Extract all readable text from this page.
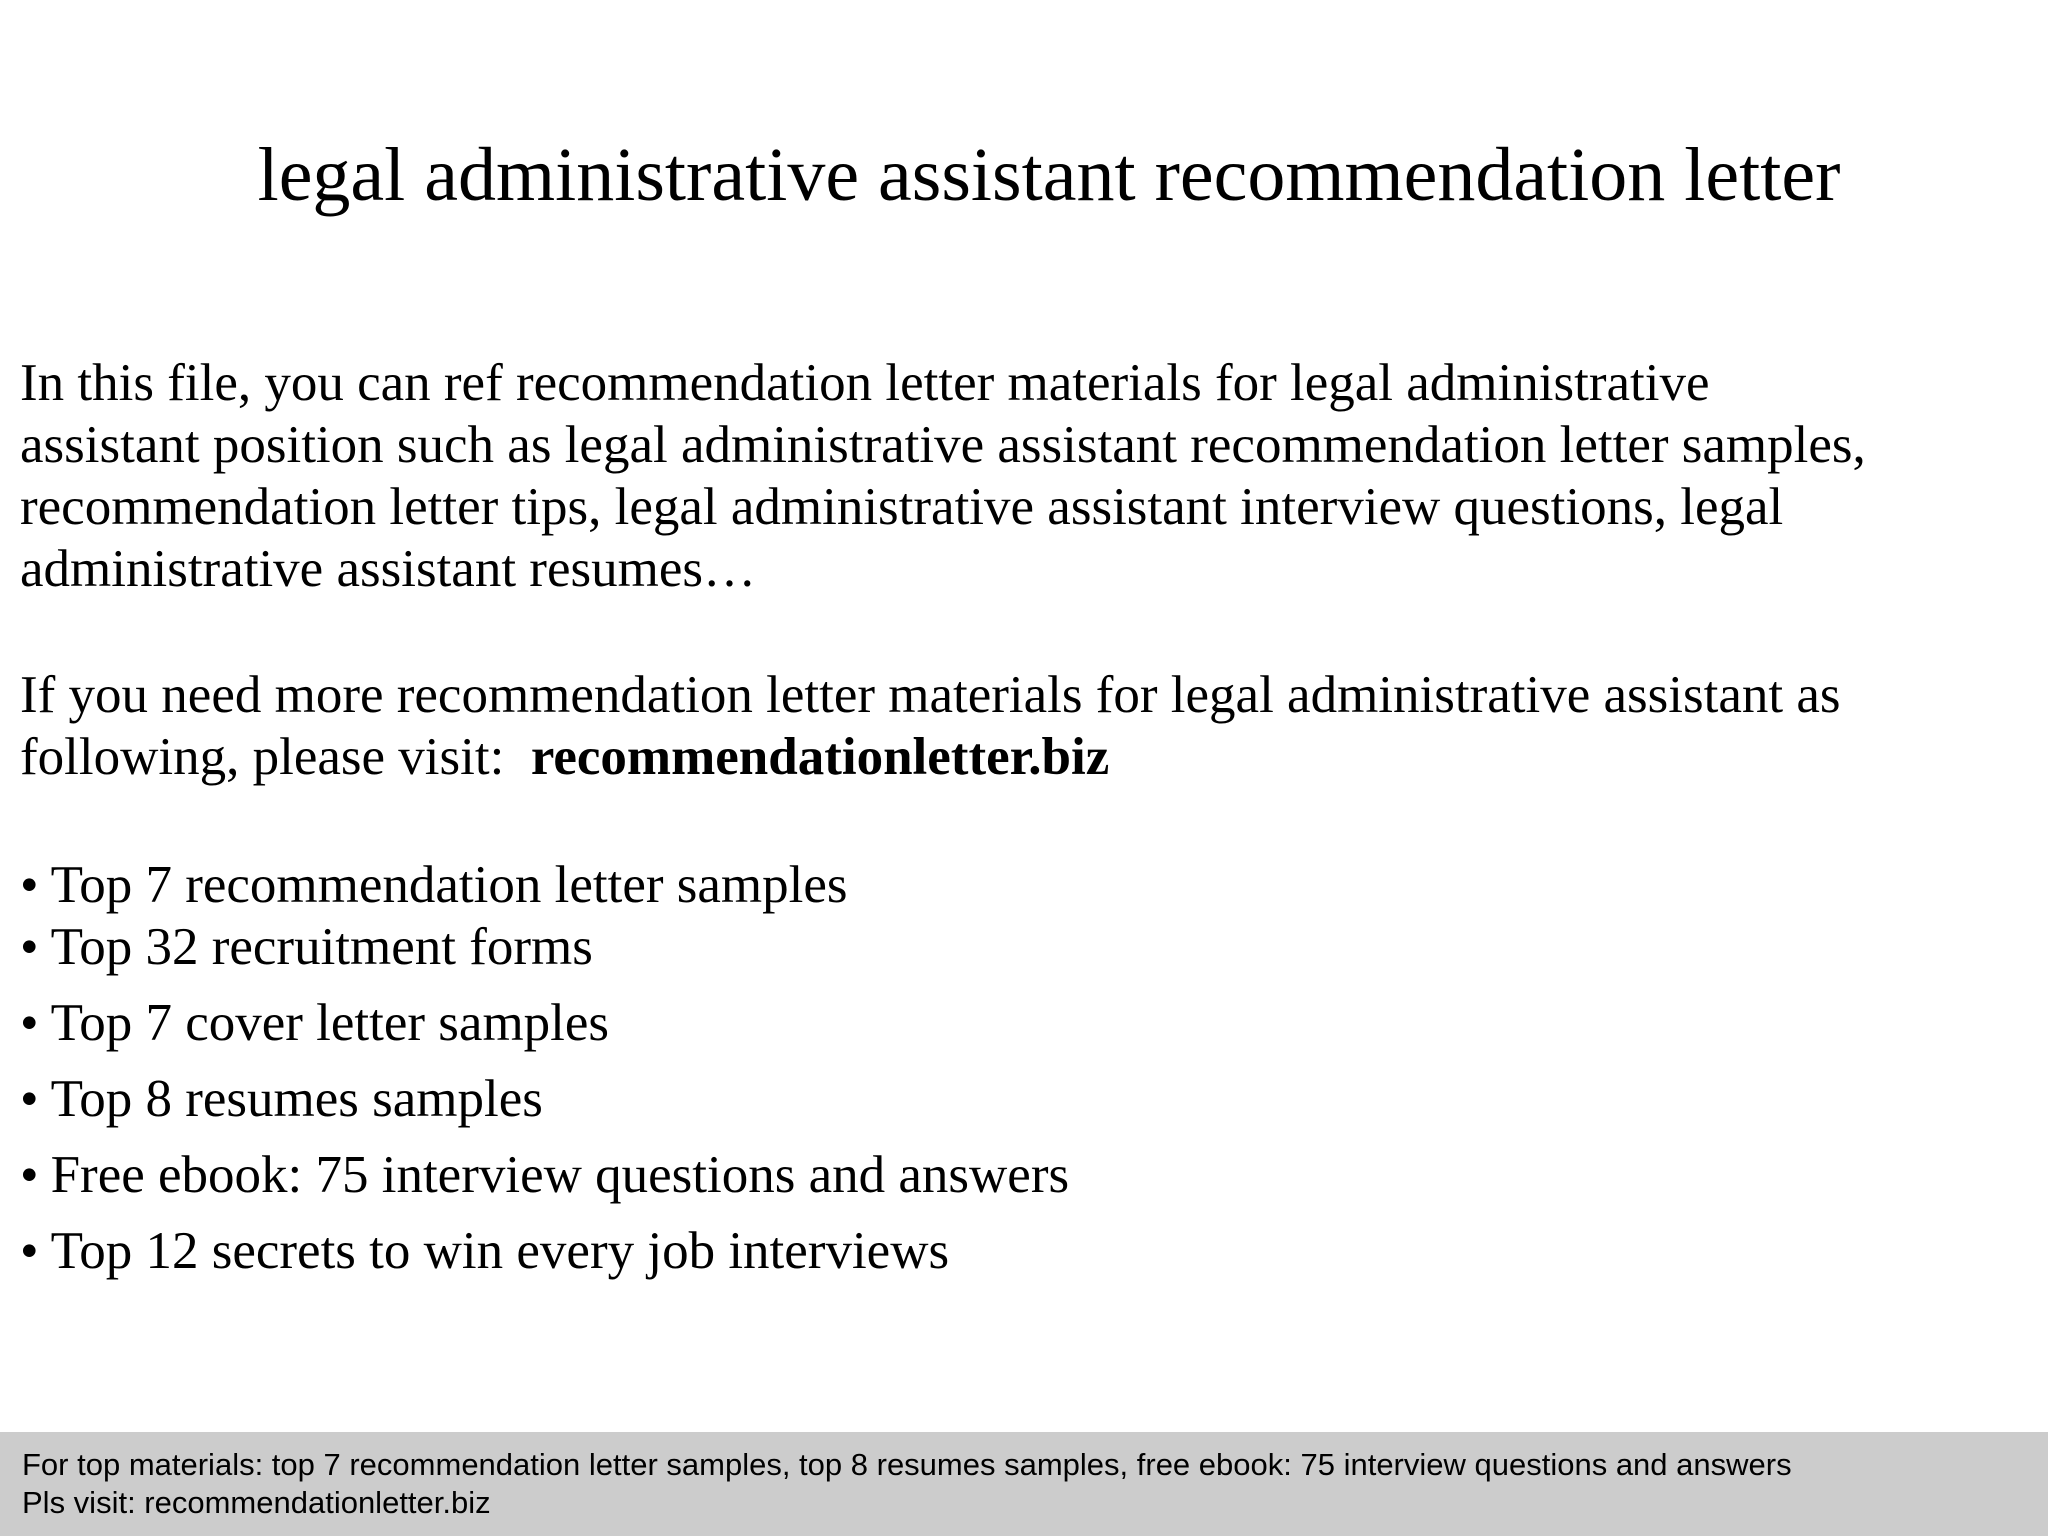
legal administrative assistant recommendation letter

In this file, you can ref recommendation letter materials for legal administrative
assistant position such as legal administrative assistant recommendation letter samples,
recommendation letter tips, legal administrative assistant interview questions, legal
administrative assistant resumes…

If you need more recommendation letter materials for legal administrative assistant as
following, please visit: recommendationletter.biz

• Top 7 recommendation letter samples
• Top 32 recruitment forms
• Top 7 cover letter samples
• Top 8 resumes samples
• Free ebook: 75 interview questions and answers
• Top 12 secrets to win every job interviews
For top materials: top 7 recommendation letter samples, top 8 resumes samples, free ebook: 75 interview questions and answers
Pls visit: recommendationletter.biz
